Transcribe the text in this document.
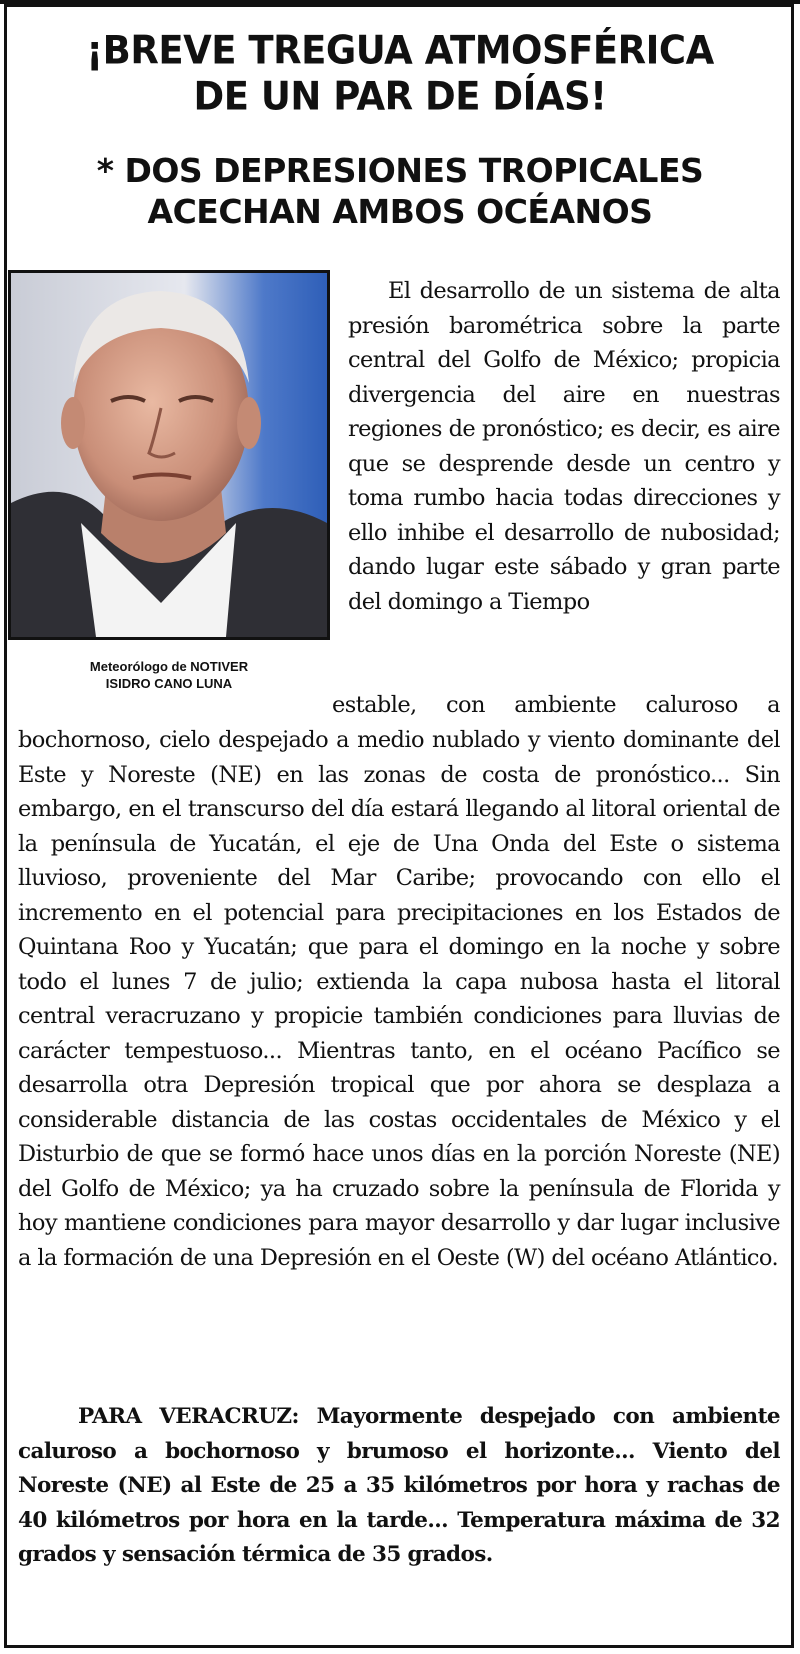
¡BREVE TREGUA ATMOSFÉRICA
DE UN PAR DE DÍAS!
* DOS DEPRESIONES TROPICALES
ACECHAN AMBOS OCÉANOS
Meteorólogo de NOTIVER
ISIDRO CANO LUNA
El desarrollo de un sistema de alta presión barométrica sobre la parte central del Golfo de México; propicia divergencia del aire en nuestras regiones de pronóstico; es decir, es aire que se desprende desde un centro y toma rumbo hacia todas direcciones y ello inhibe el desarrollo de nubosidad; dando lugar este sábado y gran parte del domingo a Tiempo
estable, con ambiente caluroso a
bochornoso, cielo despejado a medio nublado y viento dominante del Este y Noreste (NE) en las zonas de costa de pronóstico... Sin embargo, en el transcurso del día estará llegando al litoral oriental de la península de Yucatán, el eje de Una Onda del Este o sistema lluvioso, proveniente del Mar Caribe; provocando con ello el incremento en el potencial para precipitaciones en los Estados de Quintana Roo y Yucatán; que para el domingo en la noche y sobre todo el lunes 7 de julio; extienda la capa nubosa hasta el litoral central veracruzano y propicie también condiciones para lluvias de carácter tempestuoso... Mientras tanto, en el océano Pacífico se desarrolla otra Depresión tropical que por ahora se desplaza a considerable distancia de las costas occidentales de México y el Disturbio de que se formó hace unos días en la porción Noreste (NE) del Golfo de México; ya ha cruzado sobre la península de Florida y hoy mantiene condiciones para mayor desarrollo y dar lugar inclusive a la formación de una Depresión en el Oeste (W) del océano Atlántico.
PARA VERACRUZ: Mayormente despejado con ambiente caluroso a bochornoso y brumoso el horizonte... Viento del Noreste (NE) al Este de 25 a 35 kilómetros por hora y rachas de 40 kilómetros por hora en la tarde... Temperatura máxima de 32 grados y sensación térmica de 35 grados.
